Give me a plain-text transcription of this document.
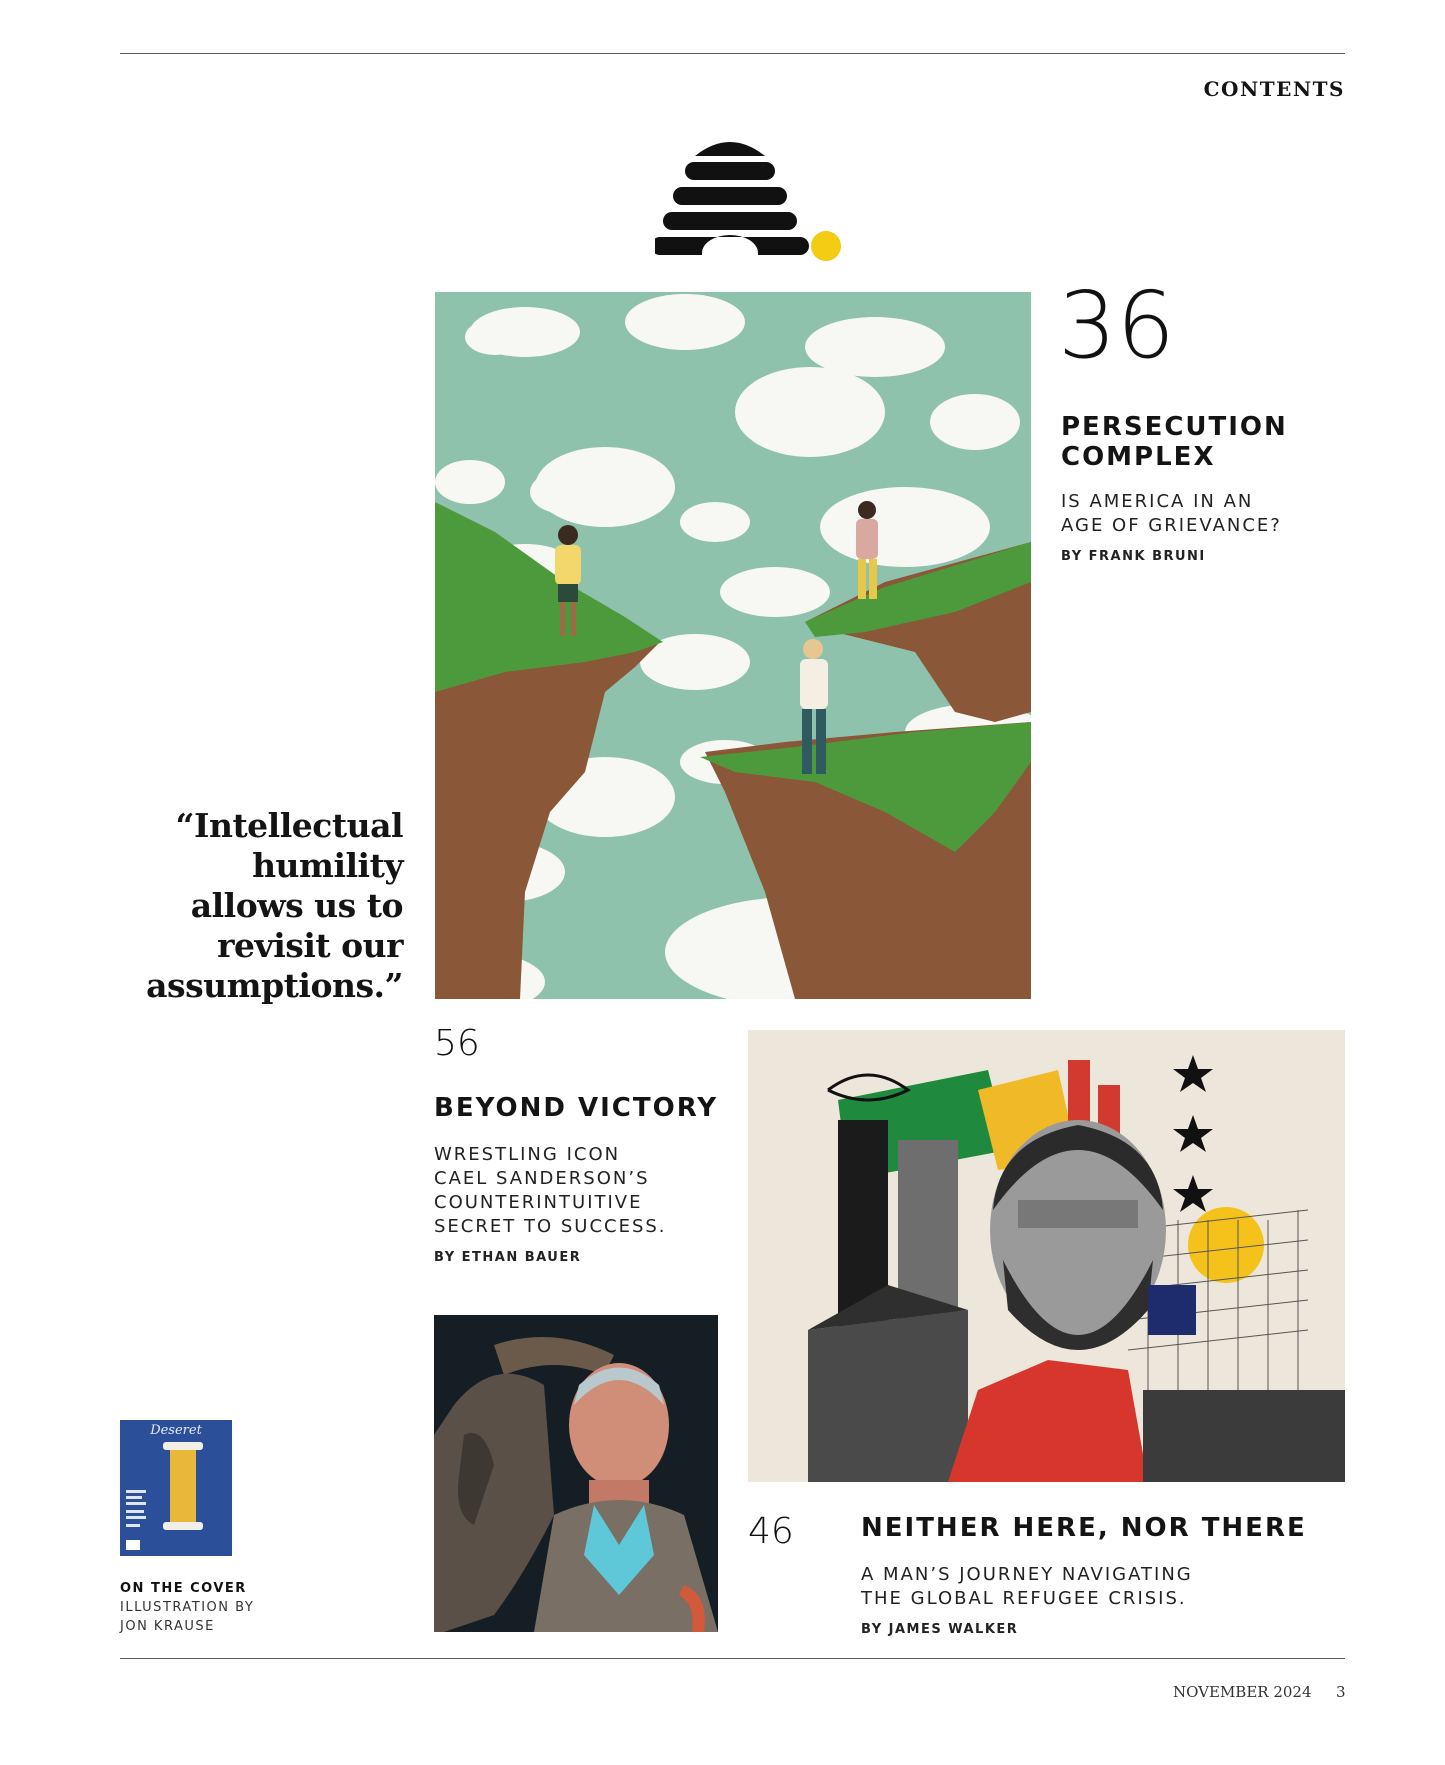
CONTENTS
36
PERSECUTION
COMPLEX
IS AMERICA IN AN
AGE OF GRIEVANCE?
BY FRANK BRUNI
“Intellectual
humility
allows us to
revisit our
assumptions.”
56
BEYOND VICTORY
WRESTLING ICON
CAEL SANDERSON’S
COUNTERINTUITIVE
SECRET TO SUCCESS.
BY ETHAN BAUER
46	NEITHER HERE, NOR THERE
A MAN’S JOURNEY NAVIGATING
THE GLOBAL REFUGEE CRISIS.
BY JAMES WALKER
Deseret
ON THE COVER
ILLUSTRATION BY
JON KRAUSE
NOVEMBER 2024 3
